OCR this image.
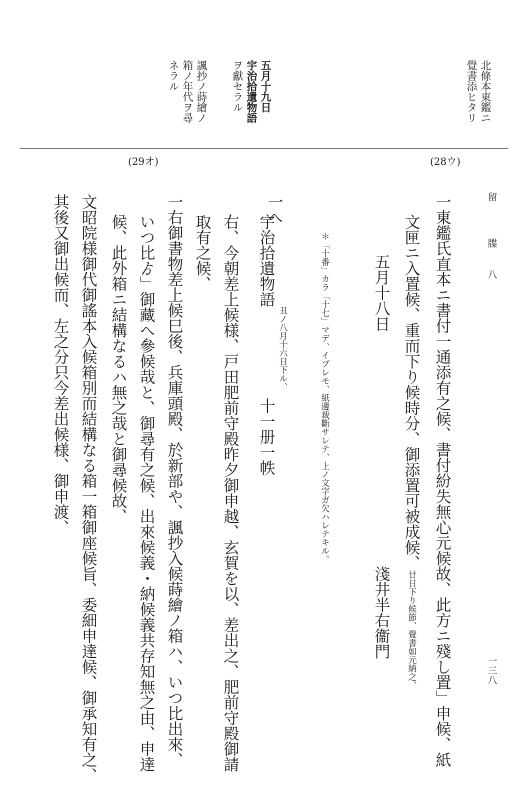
北條本東鑑ニ
覺書添ヒタリ
五月十九日
宇治拾遺物語
ヲ獻セラル
諷抄ノ蒔繪ノ
箱ノ年代ヲ尋
ネラル
(28ウ)
(29オ)
留　　牒　八
一三八
一東鑑氏直本ニ書付一通添有之候、書付紛失無心元候故、此方ニ殘し置」申候、紙
文匣ニ入置候、重而下り候時分、御添置可被成候、廿日下り候節、覺書如元納之、
五月十八日
淺井半右衞門
＊「十番」カラ「十七」マデ、イブレモ、紙邊裁斷サレテ、上ノ文字ガ欠ハレテキル。
一へ
宇治拾遺物語
丑ノ八月十六日下ル、
十一册一帙
右、今朝差上候様、戸田肥前守殿昨夕御申越、玄賀を以、差出之、肥前守殿御請
取有之候、
一右御書物差上候巳後、兵庫頭殿、於新部や、諷抄入候蒔繪ノ箱ハ、いつ比出來、
いつ比ゟ」御藏へ參候哉と、御尋有之候、出來候義・納候義共存知無之由、申達
候、此外箱ニ結構なるハ無之哉と御尋候故、
文昭院様御代御謠本入候箱別而結構なる箱一箱御座候旨、委細申達候、御承知有之、
其後又御出候而、左之分只今差出候様、御申渡、
